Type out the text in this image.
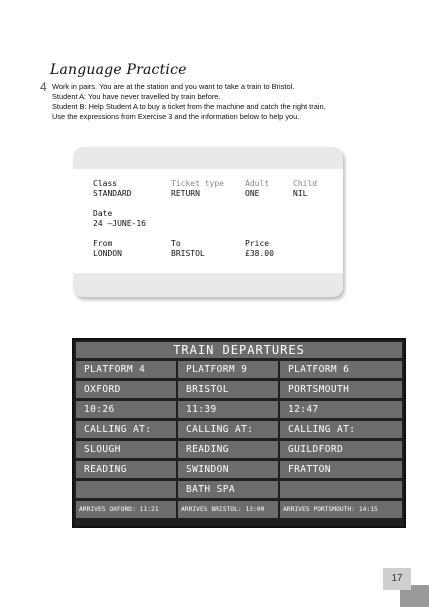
Language Practice
4 Work in pairs. You are at the station and you want to take a train to Bristol.
Student A: You have never travelled by train before.
Student B: Help Student A to buy a ticket from the machine and catch the right train.
Use the expressions from Exercise 3 and the information below to help you.
Class
STANDARD
Ticket type
RETURN
Adult
ONE
Child
NIL
Date
24 –JUNE-16
From
LONDON
To
BRISTOL
Price
£38.00
TRAIN DEPARTURES
PLATFORM 4
OXFORD
10:26
CALLING AT:
SLOUGH
READING
ARRIVES OXFORD: 11:21
PLATFORM 9
BRISTOL
11:39
CALLING AT:
READING
SWINDON
BATH SPA
ARRIVES BRISTOL: 13:00
PLATFORM 6
PORTSMOUTH
12:47
CALLING AT:
GUILDFORD
FRATTON
ARRIVES PORTSMOUTH: 14:15
17
